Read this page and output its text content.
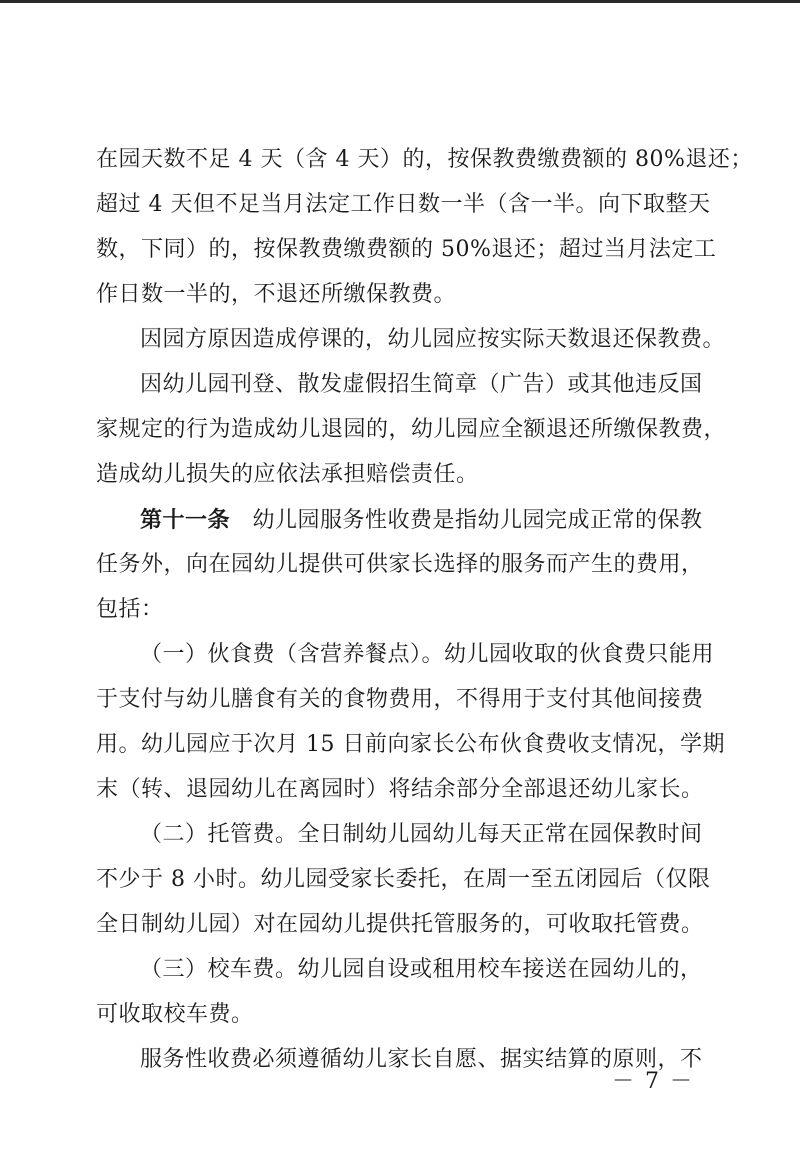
在园天数不足 4 天（含 4 天）的，按保教费缴费额的 80%退还；
超过 4 天但不足当月法定工作日数一半（含一半。向下取整天
数，下同）的，按保教费缴费额的 50%退还；超过当月法定工
作日数一半的，不退还所缴保教费。
因园方原因造成停课的，幼儿园应按实际天数退还保教费。
因幼儿园刊登、散发虚假招生简章（广告）或其他违反国
家规定的行为造成幼儿退园的，幼儿园应全额退还所缴保教费，
造成幼儿损失的应依法承担赔偿责任。
第十一条  幼儿园服务性收费是指幼儿园完成正常的保教
任务外，向在园幼儿提供可供家长选择的服务而产生的费用，
包括：
（一）伙食费（含营养餐点）。幼儿园收取的伙食费只能用
于支付与幼儿膳食有关的食物费用，不得用于支付其他间接费
用。幼儿园应于次月 15 日前向家长公布伙食费收支情况，学期
末（转、退园幼儿在离园时）将结余部分全部退还幼儿家长。
（二）托管费。全日制幼儿园幼儿每天正常在园保教时间
不少于 8 小时。幼儿园受家长委托，在周一至五闭园后（仅限
全日制幼儿园）对在园幼儿提供托管服务的，可收取托管费。
（三）校车费。幼儿园自设或租用校车接送在园幼儿的，
可收取校车费。
服务性收费必须遵循幼儿家长自愿、据实结算的原则，不
－ 7 －
